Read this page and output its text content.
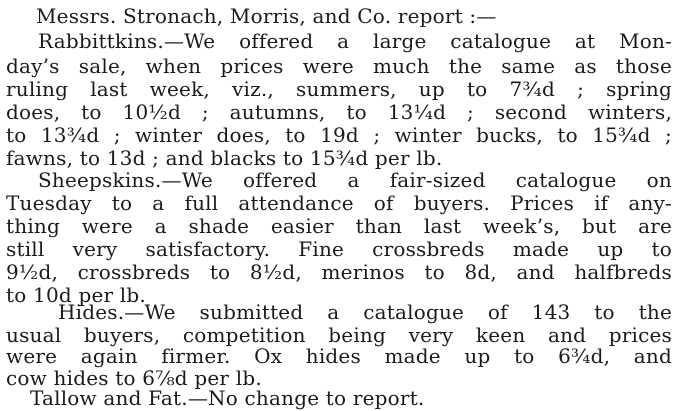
Messrs. Stronach, Morris, and Co. report :—
Rabbittkins.—We offered a large catalogue at Mon-
day’s sale, when prices were much the same as those
ruling last week, viz., summers, up to 7¾d ; spring
does, to 10½d ; autumns, to 13¼d ; second winters,
to 13¾d ; winter does, to 19d ; winter bucks, to 15¾d ;
fawns, to 13d ; and blacks to 15¾d per lb.
Sheepskins.—We offered a fair-sized catalogue on
Tuesday to a full attendance of buyers. Prices if any-
thing were a shade easier than last week’s, but are
still very satisfactory. Fine crossbreds made up to
9½d, crossbreds to 8½d, merinos to 8d, and halfbreds
to 10d per lb.
Hides.—We submitted a catalogue of 143 to the
usual buyers, competition being very keen and prices
were again firmer. Ox hides made up to 6¾d, and
cow hides to 6⅞d per lb.
Tallow and Fat.—No change to report.
